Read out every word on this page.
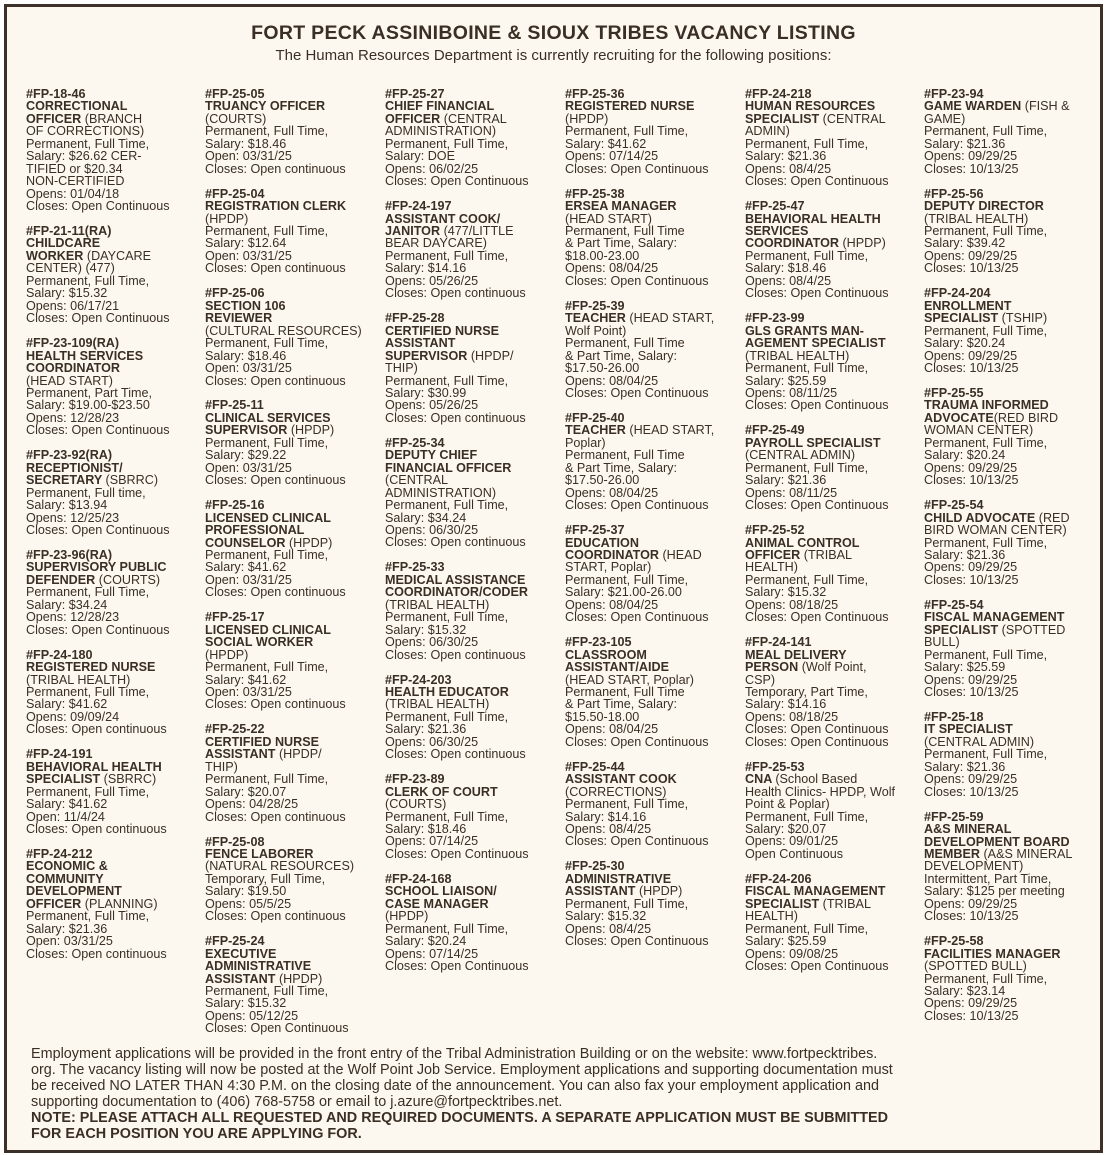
FORT PECK ASSINIBOINE & SIOUX TRIBES VACANCY LISTING
The Human Resources Department is currently recruiting for the following positions:
#FP-18-46
CORRECTIONAL
OFFICER (BRANCH
OF CORRECTIONS)
Permanent, Full Time,
Salary: $26.62 CER-
TIFIED or $20.34
NON-CERTIFIED
Opens: 01/04/18
Closes: Open Continuous
#FP-21-11(RA)
CHILDCARE
WORKER (DAYCARE
CENTER) (477)
Permanent, Full Time,
Salary: $15.32
Opens: 06/17/21
Closes: Open Continuous
#FP-23-109(RA)
HEALTH SERVICES
COORDINATOR
(HEAD START)
Permanent, Part Time,
Salary: $19.00-$23.50
Opens: 12/28/23
Closes: Open Continuous
#FP-23-92(RA)
RECEPTIONIST/
SECRETARY (SBRRC)
Permanent, Full time,
Salary: $13.94
Opens: 12/25/23
Closes: Open Continuous
#FP-23-96(RA)
SUPERVISORY PUBLIC
DEFENDER (COURTS)
Permanent, Full Time,
Salary: $34.24
Opens: 12/28/23
Closes: Open Continuous
#FP-24-180
REGISTERED NURSE
(TRIBAL HEALTH)
Permanent, Full Time,
Salary: $41.62
Opens: 09/09/24
Closes: Open continuous
#FP-24-191
BEHAVIORAL HEALTH
SPECIALIST (SBRRC)
Permanent, Full Time,
Salary: $41.62
Open: 11/4/24
Closes: Open continuous
#FP-24-212
ECONOMIC &
COMMUNITY
DEVELOPMENT
OFFICER (PLANNING)
Permanent, Full Time,
Salary: $21.36
Open: 03/31/25
Closes: Open continuous
#FP-25-05
TRUANCY OFFICER
(COURTS)
Permanent, Full Time,
Salary: $18.46
Open: 03/31/25
Closes: Open continuous
#FP-25-04
REGISTRATION CLERK
(HPDP)
Permanent, Full Time,
Salary: $12.64
Open: 03/31/25
Closes: Open continuous
#FP-25-06
SECTION 106
REVIEWER
(CULTURAL RESOURCES)
Permanent, Full Time,
Salary: $18.46
Open: 03/31/25
Closes: Open continuous
#FP-25-11
CLINICAL SERVICES
SUPERVISOR (HPDP)
Permanent, Full Time,
Salary: $29.22
Open: 03/31/25
Closes: Open continuous
#FP-25-16
LICENSED CLINICAL
PROFESSIONAL
COUNSELOR (HPDP)
Permanent, Full Time,
Salary: $41.62
Open: 03/31/25
Closes: Open continuous
#FP-25-17
LICENSED CLINICAL
SOCIAL WORKER
(HPDP)
Permanent, Full Time,
Salary: $41.62
Open: 03/31/25
Closes: Open continuous
#FP-25-22
CERTIFIED NURSE
ASSISTANT (HPDP/
THIP)
Permanent, Full Time,
Salary: $20.07
Opens: 04/28/25
Closes: Open continuous
#FP-25-08
FENCE LABORER
(NATURAL RESOURCES)
Temporary, Full Time,
Salary: $19.50
Opens: 05/5/25
Closes: Open continuous
#FP-25-24
EXECUTIVE
ADMINISTRATIVE
ASSISTANT (HPDP)
Permanent, Full Time,
Salary: $15.32
Opens: 05/12/25
Closes: Open Continuous
#FP-25-27
CHIEF FINANCIAL
OFFICER (CENTRAL
ADMINISTRATION)
Permanent, Full Time,
Salary: DOE
Opens: 06/02/25
Closes: Open Continuous
#FP-24-197
ASSISTANT COOK/
JANITOR (477/LITTLE
BEAR DAYCARE)
Permanent, Full Time,
Salary: $14.16
Opens: 05/26/25
Closes: Open continuous
#FP-25-28
CERTIFIED NURSE
ASSISTANT
SUPERVISOR (HPDP/
THIP)
Permanent, Full Time,
Salary: $30.99
Opens: 05/26/25
Closes: Open continuous
#FP-25-34
DEPUTY CHIEF
FINANCIAL OFFICER
(CENTRAL
ADMINISTRATION)
Permanent, Full Time,
Salary: $34.24
Opens: 06/30/25
Closes: Open continuous
#FP-25-33
MEDICAL ASSISTANCE
COORDINATOR/CODER
(TRIBAL HEALTH)
Permanent, Full Time,
Salary: $15.32
Opens: 06/30/25
Closes: Open continuous
#FP-24-203
HEALTH EDUCATOR
(TRIBAL HEALTH)
Permanent, Full Time,
Salary: $21.36
Opens: 06/30/25
Closes: Open continuous
#FP-23-89
CLERK OF COURT
(COURTS)
Permanent, Full Time,
Salary: $18.46
Opens: 07/14/25
Closes: Open Continuous
#FP-24-168
SCHOOL LIAISON/
CASE MANAGER
(HPDP)
Permanent, Full Time,
Salary: $20.24
Opens: 07/14/25
Closes: Open Continuous
#FP-25-36
REGISTERED NURSE
(HPDP)
Permanent, Full Time,
Salary: $41.62
Opens: 07/14/25
Closes: Open Continuous
#FP-25-38
ERSEA MANAGER
(HEAD START)
Permanent, Full Time
& Part Time, Salary:
$18.00-23.00
Opens: 08/04/25
Closes: Open Continuous
#FP-25-39
TEACHER (HEAD START,
Wolf Point)
Permanent, Full Time
& Part Time, Salary:
$17.50-26.00
Opens: 08/04/25
Closes: Open Continuous
#FP-25-40
TEACHER (HEAD START,
Poplar)
Permanent, Full Time
& Part Time, Salary:
$17.50-26.00
Opens: 08/04/25
Closes: Open Continuous
#FP-25-37
EDUCATION
COORDINATOR (HEAD
START, Poplar)
Permanent, Full Time,
Salary: $21.00-26.00
Opens: 08/04/25
Closes: Open Continuous
#FP-23-105
CLASSROOM
ASSISTANT/AIDE
(HEAD START, Poplar)
Permanent, Full Time
& Part Time, Salary:
$15.50-18.00
Opens: 08/04/25
Closes: Open Continuous
#FP-25-44
ASSISTANT COOK
(CORRECTIONS)
Permanent, Full Time,
Salary: $14.16
Opens: 08/4/25
Closes: Open Continuous
#FP-25-30
ADMINISTRATIVE
ASSISTANT (HPDP)
Permanent, Full Time,
Salary: $15.32
Opens: 08/4/25
Closes: Open Continuous
#FP-24-218
HUMAN RESOURCES
SPECIALIST (CENTRAL
ADMIN)
Permanent, Full Time,
Salary: $21.36
Opens: 08/4/25
Closes: Open Continuous
#FP-25-47
BEHAVIORAL HEALTH
SERVICES
COORDINATOR (HPDP)
Permanent, Full Time,
Salary: $18.46
Opens: 08/4/25
Closes: Open Continuous
#FP-23-99
GLS GRANTS MAN-
AGEMENT SPECIALIST
(TRIBAL HEALTH)
Permanent, Full Time,
Salary: $25.59
Opens: 08/11/25
Closes: Open Continuous
#FP-25-49
PAYROLL SPECIALIST
(CENTRAL ADMIN)
Permanent, Full Time,
Salary: $21.36
Opens: 08/11/25
Closes: Open Continuous
#FP-25-52
ANIMAL CONTROL
OFFICER (TRIBAL
HEALTH)
Permanent, Full Time,
Salary: $15.32
Opens: 08/18/25
Closes: Open Continuous
#FP-24-141
MEAL DELIVERY
PERSON (Wolf Point,
CSP)
Temporary, Part Time,
Salary: $14.16
Opens: 08/18/25
Closes: Open Continuous
Closes: Open Continuous
#FP-25-53
CNA (School Based
Health Clinics- HPDP, Wolf
Point & Poplar)
Permanent, Full Time,
Salary: $20.07
Opens: 09/01/25
Open Continuous
#FP-24-206
FISCAL MANAGEMENT
SPECIALIST (TRIBAL
HEALTH)
Permanent, Full Time,
Salary: $25.59
Opens: 09/08/25
Closes: Open Continuous
#FP-23-94
GAME WARDEN (FISH &
GAME)
Permanent, Full Time,
Salary: $21.36
Opens: 09/29/25
Closes: 10/13/25
#FP-25-56
DEPUTY DIRECTOR
(TRIBAL HEALTH)
Permanent, Full Time,
Salary: $39.42
Opens: 09/29/25
Closes: 10/13/25
#FP-24-204
ENROLLMENT
SPECIALIST (TSHIP)
Permanent, Full Time,
Salary: $20.24
Opens: 09/29/25
Closes: 10/13/25
#FP-25-55
TRAUMA INFORMED
ADVOCATE(RED BIRD
WOMAN CENTER)
Permanent, Full Time,
Salary: $20.24
Opens: 09/29/25
Closes: 10/13/25
#FP-25-54
CHILD ADVOCATE (RED
BIRD WOMAN CENTER)
Permanent, Full Time,
Salary: $21.36
Opens: 09/29/25
Closes: 10/13/25
#FP-25-54
FISCAL MANAGEMENT
SPECIALIST (SPOTTED
BULL)
Permanent, Full Time,
Salary: $25.59
Opens: 09/29/25
Closes: 10/13/25
#FP-25-18
IT SPECIALIST
(CENTRAL ADMIN)
Permanent, Full Time,
Salary: $21.36
Opens: 09/29/25
Closes: 10/13/25
#FP-25-59
A&S MINERAL
DEVELOPMENT BOARD
MEMBER (A&S MINERAL
DEVELOPMENT)
Intermittent, Part Time,
Salary: $125 per meeting
Opens: 09/29/25
Closes: 10/13/25
#FP-25-58
FACILITIES MANAGER
(SPOTTED BULL)
Permanent, Full Time,
Salary: $23.14
Opens: 09/29/25
Closes: 10/13/25
Employment applications will be provided in the front entry of the Tribal Administration Building or on the website: www.fortpecktribes.
org. The vacancy listing will now be posted at the Wolf Point Job Service. Employment applications and supporting documentation must
be received NO LATER THAN 4:30 P.M. on the closing date of the announcement. You can also fax your employment application and
supporting documentation to (406) 768-5758 or email to j.azure@fortpecktribes.net.
NOTE: PLEASE ATTACH ALL REQUESTED AND REQUIRED DOCUMENTS. A SEPARATE APPLICATION MUST BE SUBMITTED
FOR EACH POSITION YOU ARE APPLYING FOR.
